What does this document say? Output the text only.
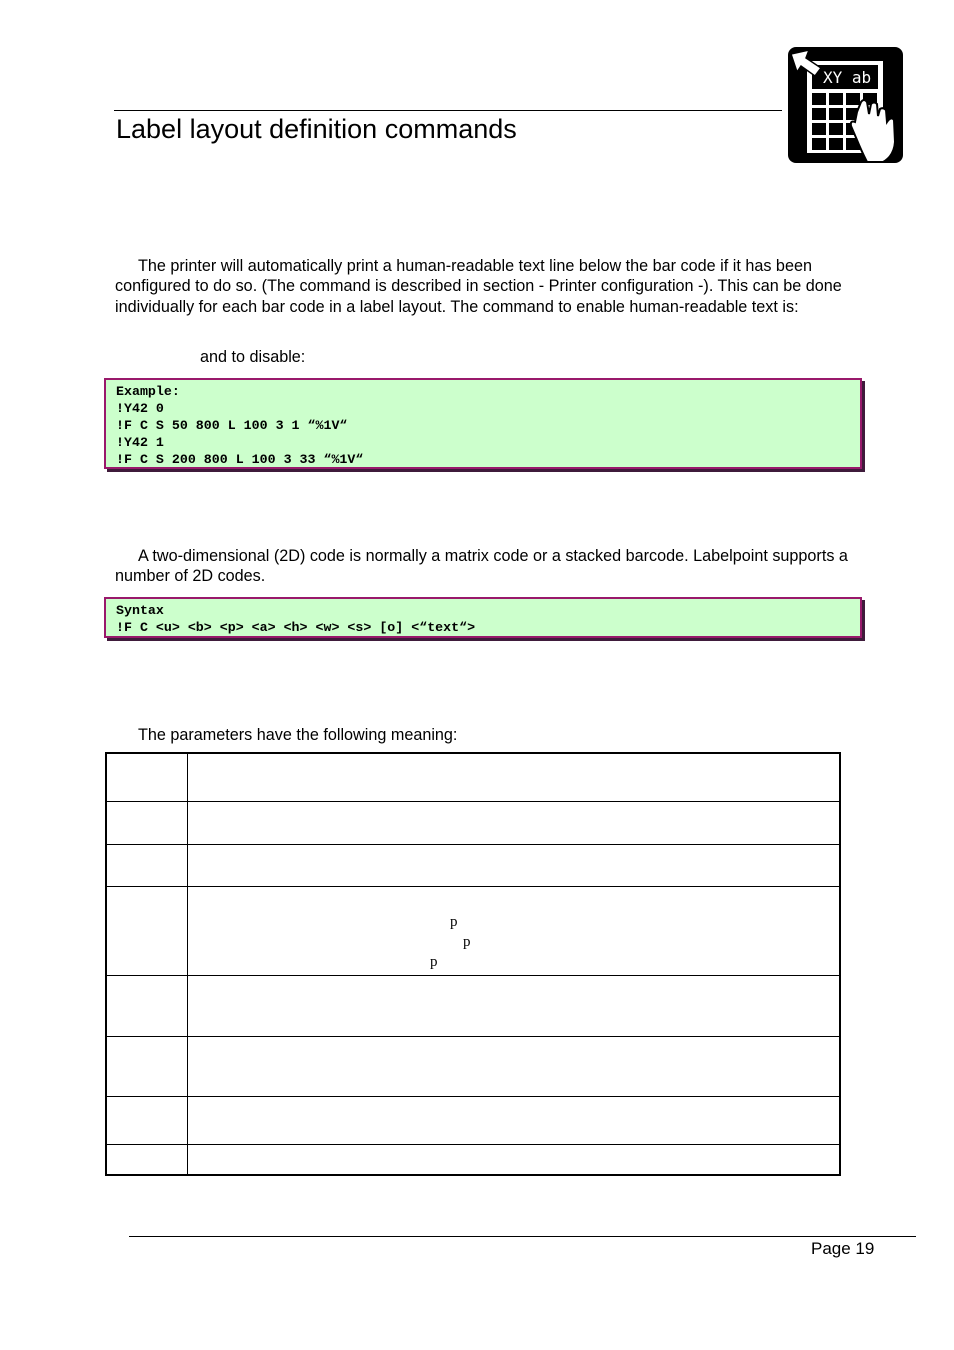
Label layout definition commands
XY ab
The printer will automatically print a human-readable text line below the bar code if it has been configured to do so. (The command is described in section - Printer configuration -). This can be done individually for each bar code in a label layout. The command to enable human-readable text is:
and to disable:
Example:
!Y42 0
!F C S 50 800 L 100 3 1 “%1V“
!Y42 1
!F C S 200 800 L 100 3 33 “%1V“
A two-dimensional (2D) code is normally a matrix code or a stacked barcode. Labelpoint supports a number of 2D codes.
Syntax
!F C <u> <b> <p> <a> <h> <w> <s> [o] <“text“>
The parameters have the following meaning:

p
p
p
Page 19
